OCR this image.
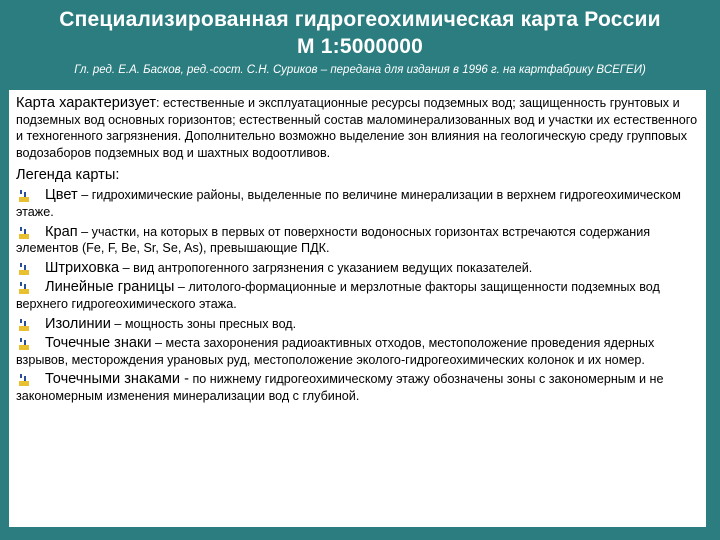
Специализированная гидрогеохимическая карта России
М 1:5000000
Гл. ред. Е.А. Басков, ред.-сост. С.Н. Суриков – передана для издания в 1996 г. на картфабрику ВСЕГЕИ)

Карта характеризует: естественные и эксплуатационные ресурсы подземных вод; защищенность грунтовых и подземных вод основных горизонтов; естественный состав маломинерализованных вод и участки их естественного и техногенного загрязнения. Дополнительно возможно выделение зон влияния на геологическую среду групповых водозаборов подземных вод и шахтных водоотливов.

Легенда карты:
Цвет – гидрохимические районы, выделенные по величине минерализации в верхнем гидрогеохимическом этаже.
Крап – участки, на которых в первых от поверхности водоносных горизонтах встречаются содержания элементов (Fe, F, Be, Sr, Se, As), превышающие ПДК.
Штриховка – вид антропогенного загрязнения с указанием ведущих показателей.
Линейные границы – литолого-формационные и мерзлотные факторы защищенности подземных вод верхнего гидрогеохимического этажа.
Изолинии – мощность зоны пресных вод.
Точечные знаки – места захоронения радиоактивных отходов, местоположение проведения ядерных взрывов, месторождения урановых руд, местоположение эколого-гидрогеохимических колонок и их номер.
Точечными знаками - по нижнему гидрогеохимическому этажу обозначены зоны с закономерным и не закономерным изменения минерализации вод с глубиной.
